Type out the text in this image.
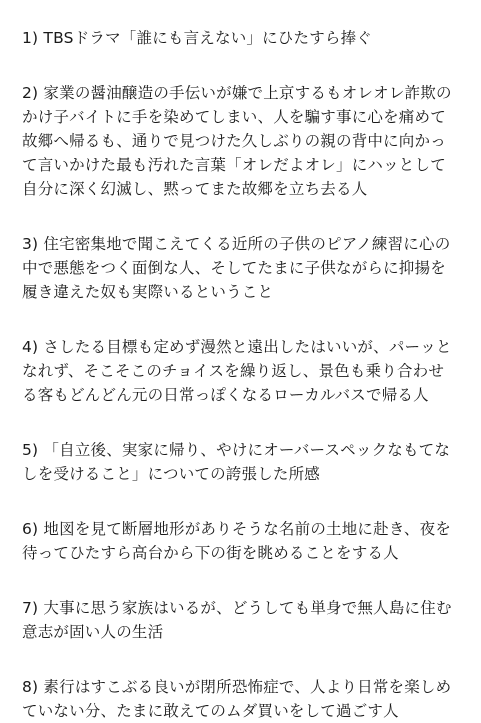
1) TBSドラマ「誰にも言えない」にひたすら捧ぐ

2) 家業の醤油醸造の手伝いが嫌で上京するもオレオレ詐欺のかけ子バイトに手を染めてしまい、人を騙す事に心を痛めて故郷へ帰るも、通りで見つけた久しぶりの親の背中に向かって言いかけた最も汚れた言葉「オレだよオレ」にハッとして自分に深く幻滅し、黙ってまた故郷を立ち去る人

3) 住宅密集地で聞こえてくる近所の子供のピアノ練習に心の中で悪態をつく面倒な人、そしてたまに子供ながらに抑揚を履き違えた奴も実際いるということ

4) さしたる目標も定めず漫然と遠出したはいいが、パーッとなれず、そこそこのチョイスを繰り返し、景色も乗り合わせる客もどんどん元の日常っぽくなるローカルバスで帰る人

5) 「自立後、実家に帰り、やけにオーバースペックなもてなしを受けること」についての誇張した所感

6) 地図を見て断層地形がありそうな名前の土地に赴き、夜を待ってひたすら高台から下の街を眺めることをする人

7) 大事に思う家族はいるが、どうしても単身で無人島に住む意志が固い人の生活

8) 素行はすこぶる良いが閉所恐怖症で、人より日常を楽しめていない分、たまに敢えてのムダ買いをして過ごす人
